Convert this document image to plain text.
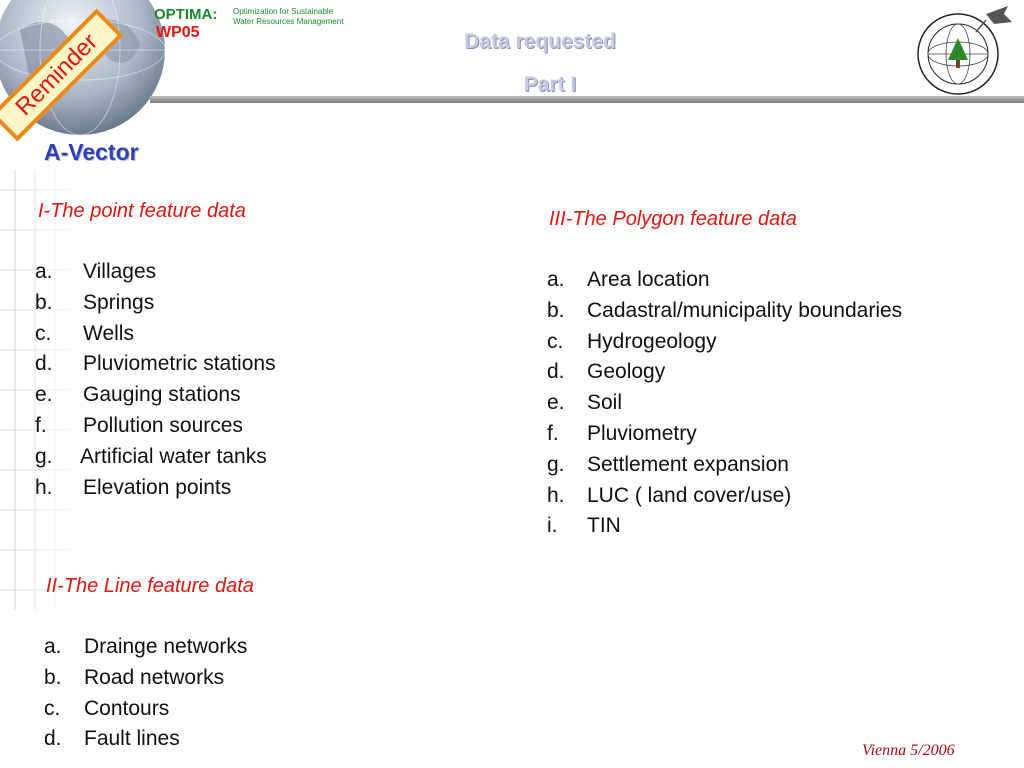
Reminder
OPTIMA: Optimization for Sustainable
Water Resources Management
WP05	Data requested
Part I
A-Vector
I-The point feature data
a. Villages
b. Springs
c. Wells
d. Pluviometric stations
e. Gauging stations
f. Pollution sources
g. Artificial water tanks
h. Elevation points
II-The Line feature data
a. Drainge networks
b. Road networks
c. Contours
d. Fault lines
III-The Polygon feature data
a. Area location
b. Cadastral/municipality boundaries
c. Hydrogeology
d. Geology
e. Soil
f. Pluviometry
g. Settlement expansion
h. LUC ( land cover/use)
i. TIN
Vienna 5/2006
